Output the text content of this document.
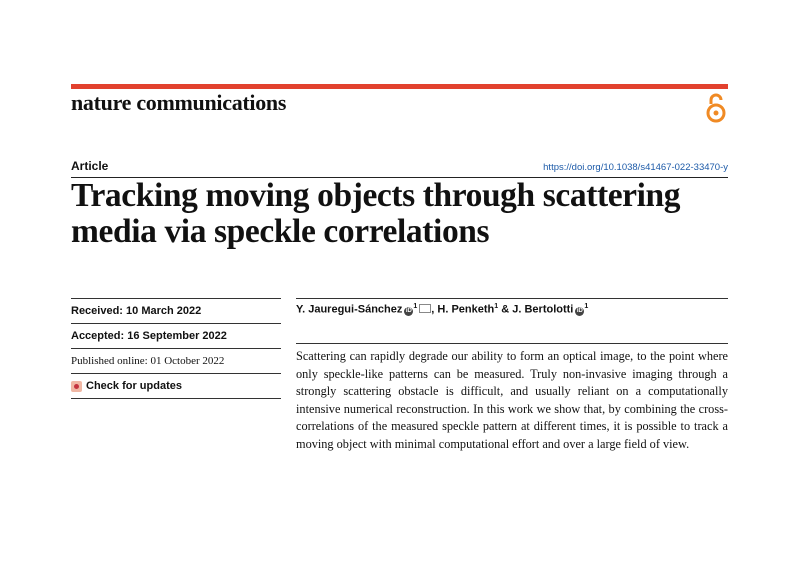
nature communications
Article	https://doi.org/10.1038/s41467-022-33470-y
Tracking moving objects through scattering
media via speckle correlations
Received: 10 March 2022
Accepted: 16 September 2022
Published online: 01 October 2022
Check for updates
Y. Jauregui-Sánchez $iD^1$ , H. Penketh$^1$ & J. Bertolotti $iD^1$
Scattering can rapidly degrade our ability to form an optical image, to the point where only speckle-like patterns can be measured. Truly non-invasive imaging through a strongly scattering obstacle is difficult, and usually reliant on a computationally intensive numerical reconstruction. In this work we show that, by combining the cross-correlations of the measured speckle pattern at different times, it is possible to track a moving object with minimal computational effort and over a large field of view.
